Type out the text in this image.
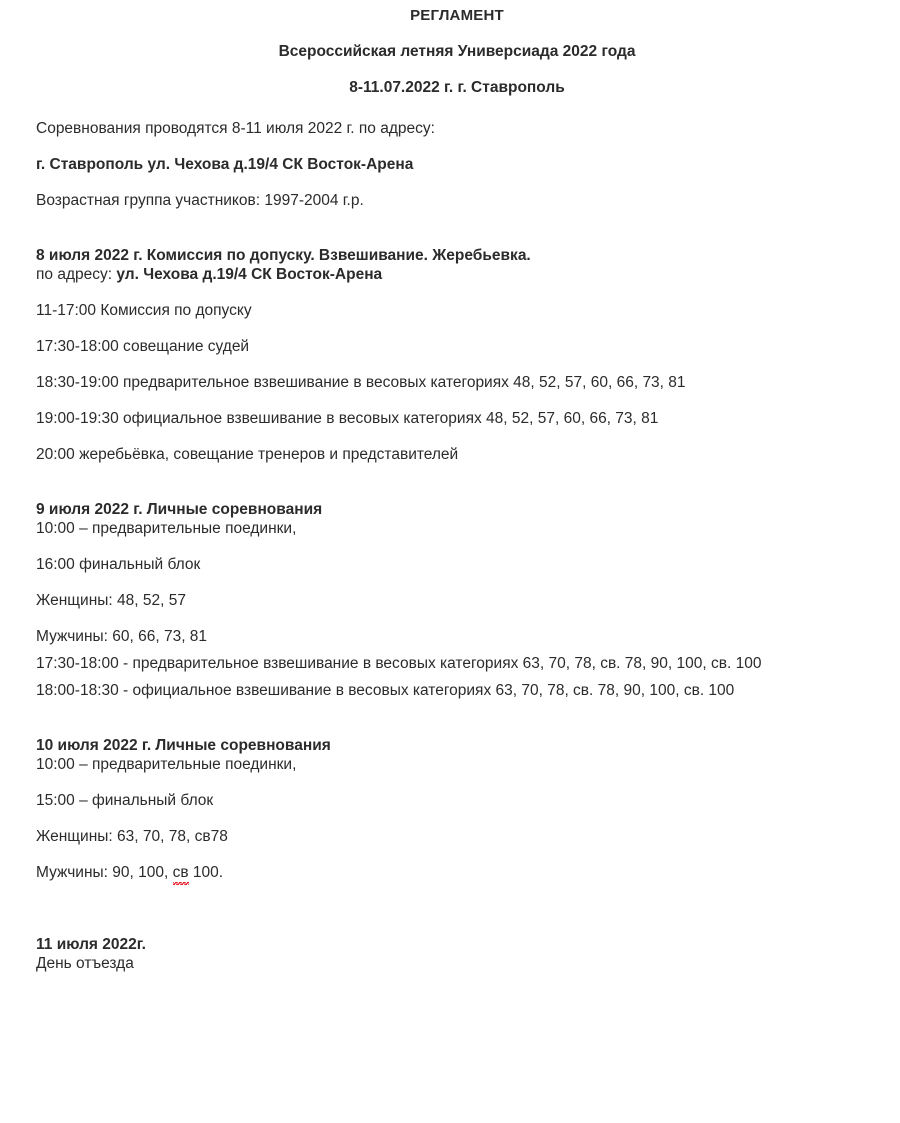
РЕГЛАМЕНТ

Всероссийская летняя Универсиада 2022 года

8-11.07.2022 г. г. Ставрополь

Соревнования проводятся 8-11 июля 2022 г. по адресу:

г. Ставрополь ул. Чехова д.19/4 СК Восток-Арена

Возрастная группа участников: 1997-2004 г.р.

8 июля 2022 г. Комиссия по допуску. Взвешивание. Жеребьевка.

по адресу: ул. Чехова д.19/4 СК Восток-Арена

11-17:00 Комиссия по допуску

17:30-18:00 совещание судей

18:30-19:00 предварительное взвешивание в весовых категориях 48, 52, 57, 60, 66, 73, 81

19:00-19:30 официальное взвешивание в весовых категориях 48, 52, 57, 60, 66, 73, 81

20:00 жеребьёвка, совещание тренеров и представителей

9 июля 2022 г. Личные соревнования

10:00 – предварительные поединки,

16:00 финальный блок

Женщины: 48, 52, 57

Мужчины: 60, 66, 73, 81

17:30-18:00 - предварительное взвешивание в весовых категориях 63, 70, 78, св. 78, 90, 100, св. 100

18:00-18:30 - официальное взвешивание в весовых категориях 63, 70, 78, св. 78, 90, 100, св. 100

10 июля 2022 г. Личные соревнования

10:00 – предварительные поединки,

15:00 – финальный блок

Женщины: 63, 70, 78, св78

Мужчины: 90, 100, св 100.

11 июля 2022г.

День отъезда
